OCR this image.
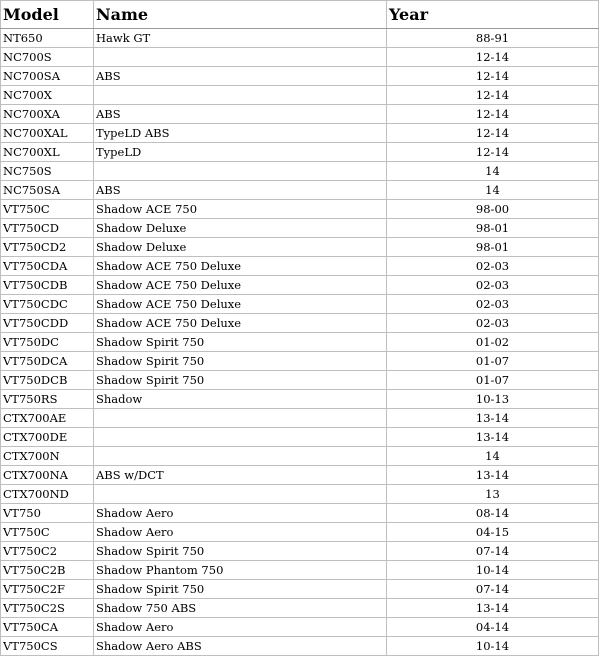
Model	Name	Year
NT650	Hawk GT	88-91
NC700S		12-14
NC700SA	ABS	12-14
NC700X		12-14
NC700XA	ABS	12-14
NC700XAL	TypeLD ABS	12-14
NC700XL	TypeLD	12-14
NC750S		14
NC750SA	ABS	14
VT750C	Shadow ACE 750	98-00
VT750CD	Shadow Deluxe	98-01
VT750CD2	Shadow Deluxe	98-01
VT750CDA	Shadow ACE 750 Deluxe	02-03
VT750CDB	Shadow ACE 750 Deluxe	02-03
VT750CDC	Shadow ACE 750 Deluxe	02-03
VT750CDD	Shadow ACE 750 Deluxe	02-03
VT750DC	Shadow Spirit 750	01-02
VT750DCA	Shadow Spirit 750	01-07
VT750DCB	Shadow Spirit 750	01-07
VT750RS	Shadow	10-13
CTX700AE		13-14
CTX700DE		13-14
CTX700N		14
CTX700NA	ABS w/DCT	13-14
CTX700ND		13
VT750	Shadow Aero	08-14
VT750C	Shadow Aero	04-15
VT750C2	Shadow Spirit 750	07-14
VT750C2B	Shadow Phantom 750	10-14
VT750C2F	Shadow Spirit 750	07-14
VT750C2S	Shadow 750 ABS	13-14
VT750CA	Shadow Aero	04-14
VT750CS	Shadow Aero ABS	10-14
